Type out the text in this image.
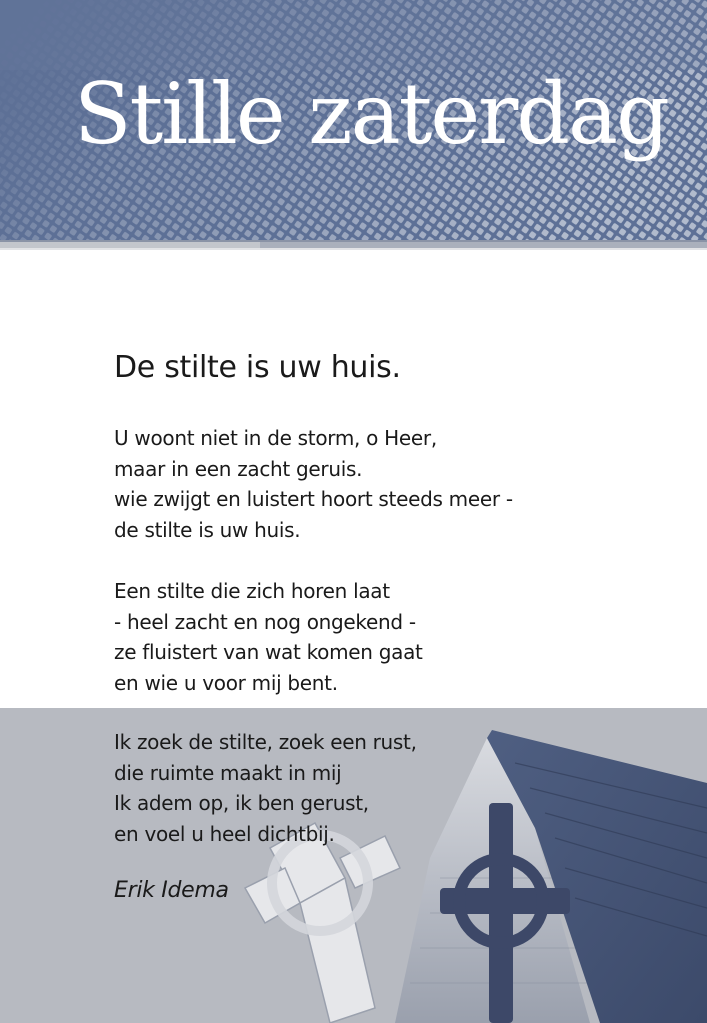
Stille zaterdag
De stilte is uw huis.

U woont niet in de storm, o Heer,
maar in een zacht geruis.
wie zwijgt en luistert hoort steeds meer -
de stilte is uw huis.

Een stilte die zich horen laat
- heel zacht en nog ongekend -
ze fluistert van wat komen gaat
en wie u voor mij bent.

Ik zoek de stilte, zoek een rust,
die ruimte maakt in mij
Ik adem op, ik ben gerust,
en voel u heel dichtbij.

Erik Idema
